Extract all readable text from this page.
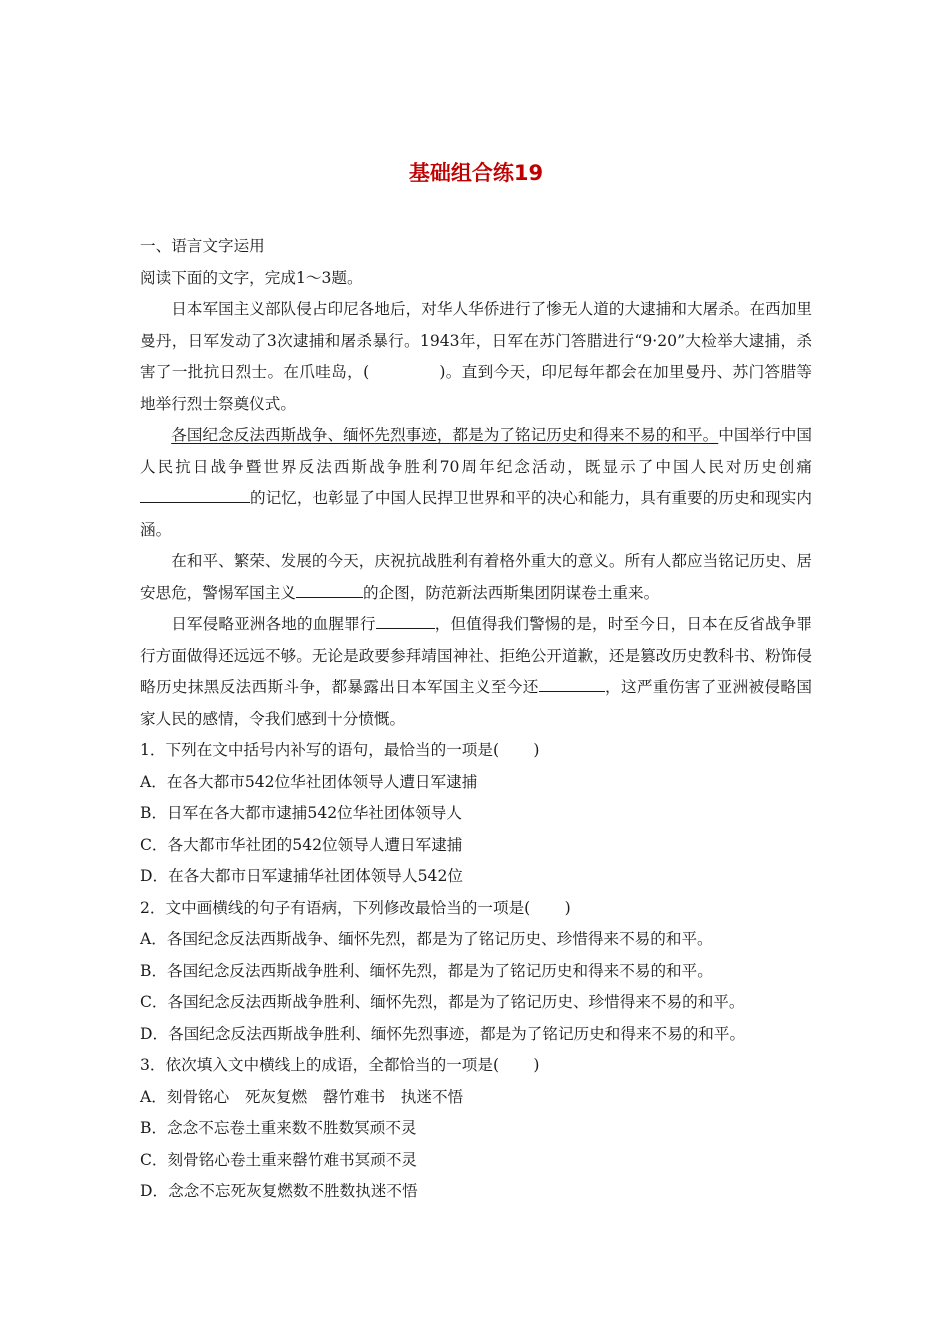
基础组合练19

一、语言文字运用

阅读下面的文字，完成1～3题。

日本军国主义部队侵占印尼各地后，对华人华侨进行了惨无人道的大逮捕和大屠杀。在西加里曼丹，日军发动了3次逮捕和屠杀暴行。1943年，日军在苏门答腊进行“9·20”大检举大逮捕，杀害了一批抗日烈士。在爪哇岛，(	)。直到今天，印尼每年都会在加里曼丹、苏门答腊等地举行烈士祭奠仪式。

各国纪念反法西斯战争、缅怀先烈事迹，都是为了铭记历史和得来不易的和平。中国举行中国人民抗日战争暨世界反法西斯战争胜利70周年纪念活动，既显示了中国人民对历史创痛的记忆，也彰显了中国人民捍卫世界和平的决心和能力，具有重要的历史和现实内涵。

在和平、繁荣、发展的今天，庆祝抗战胜利有着格外重大的意义。所有人都应当铭记历史、居安思危，警惕军国主义	的企图，防范新法西斯集团阴谋卷土重来。

日军侵略亚洲各地的血腥罪行	，但值得我们警惕的是，时至今日，日本在反省战争罪行方面做得还远远不够。无论是政要参拜靖国神社、拒绝公开道歉，还是篡改历史教科书、粉饰侵略历史抹黑反法西斯斗争，都暴露出日本军国主义至今还	，这严重伤害了亚洲被侵略国家人民的感情，令我们感到十分愤慨。

1．下列在文中括号内补写的语句，最恰当的一项是( )

A．在各大都市542位华社团体领导人遭日军逮捕

B．日军在各大都市逮捕542位华社团体领导人

C．各大都市华社团的542位领导人遭日军逮捕

D．在各大都市日军逮捕华社团体领导人542位

2．文中画横线的句子有语病，下列修改最恰当的一项是( )

A．各国纪念反法西斯战争、缅怀先烈，都是为了铭记历史、珍惜得来不易的和平。

B．各国纪念反法西斯战争胜利、缅怀先烈，都是为了铭记历史和得来不易的和平。

C．各国纪念反法西斯战争胜利、缅怀先烈，都是为了铭记历史、珍惜得来不易的和平。

D．各国纪念反法西斯战争胜利、缅怀先烈事迹，都是为了铭记历史和得来不易的和平。

3．依次填入文中横线上的成语，全都恰当的一项是( )

A．刻骨铭心　死灰复燃　罄竹难书　执迷不悟

B．念念不忘卷土重来数不胜数冥顽不灵

C．刻骨铭心卷土重来罄竹难书冥顽不灵

D．念念不忘死灰复燃数不胜数执迷不悟
